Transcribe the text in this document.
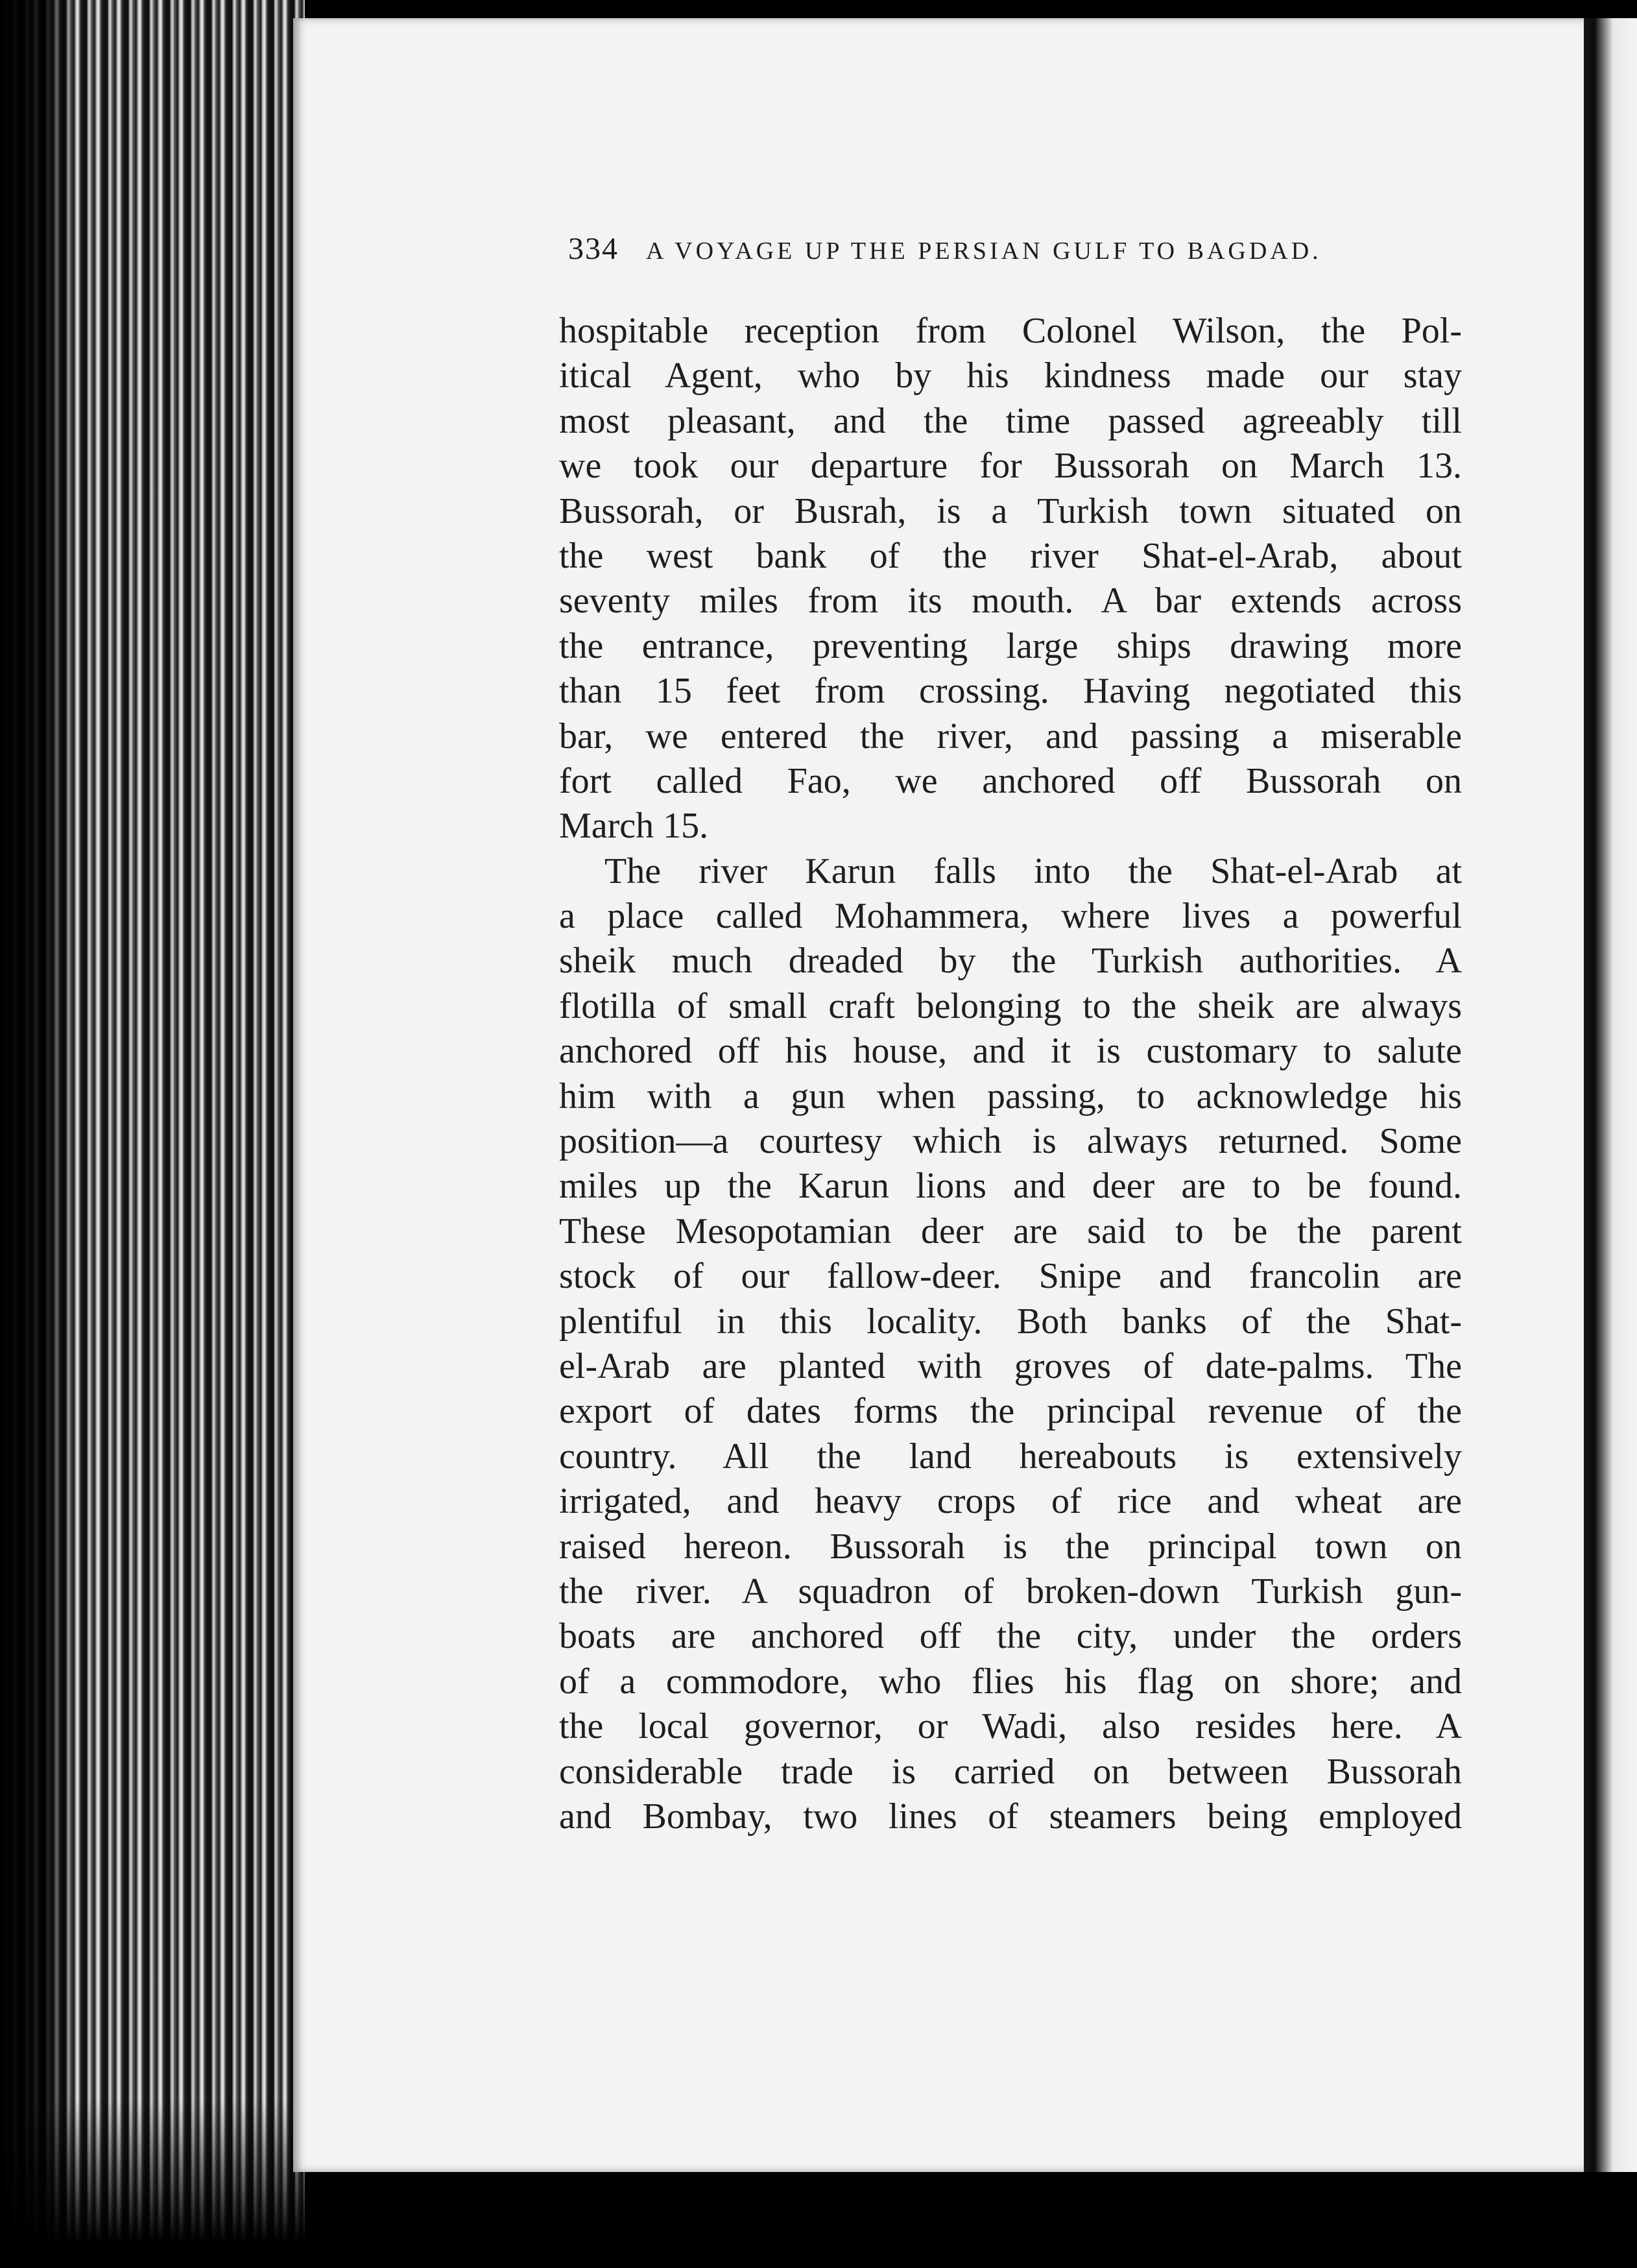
334 A VOYAGE UP THE PERSIAN GULF TO BAGDAD.
hospitable reception from Colonel Wilson, the Pol-
itical Agent, who by his kindness made our stay
most pleasant, and the time passed agreeably till
we took our departure for Bussorah on March 13.
Bussorah, or Busrah, is a Turkish town situated on
the west bank of the river Shat-el-Arab, about
seventy miles from its mouth. A bar extends across
the entrance, preventing large ships drawing more
than 15 feet from crossing. Having negotiated this
bar, we entered the river, and passing a miserable
fort called Fao, we anchored off Bussorah on
March 15.
The river Karun falls into the Shat-el-Arab at
a place called Mohammera, where lives a powerful
sheik much dreaded by the Turkish authorities. A
flotilla of small craft belonging to the sheik are always
anchored off his house, and it is customary to salute
him with a gun when passing, to acknowledge his
position—a courtesy which is always returned. Some
miles up the Karun lions and deer are to be found.
These Mesopotamian deer are said to be the parent
stock of our fallow-deer. Snipe and francolin are
plentiful in this locality. Both banks of the Shat-
el-Arab are planted with groves of date-palms. The
export of dates forms the principal revenue of the
country. All the land hereabouts is extensively
irrigated, and heavy crops of rice and wheat are
raised hereon. Bussorah is the principal town on
the river. A squadron of broken-down Turkish gun-
boats are anchored off the city, under the orders
of a commodore, who flies his flag on shore; and
the local governor, or Wadi, also resides here. A
considerable trade is carried on between Bussorah
and Bombay, two lines of steamers being employed
